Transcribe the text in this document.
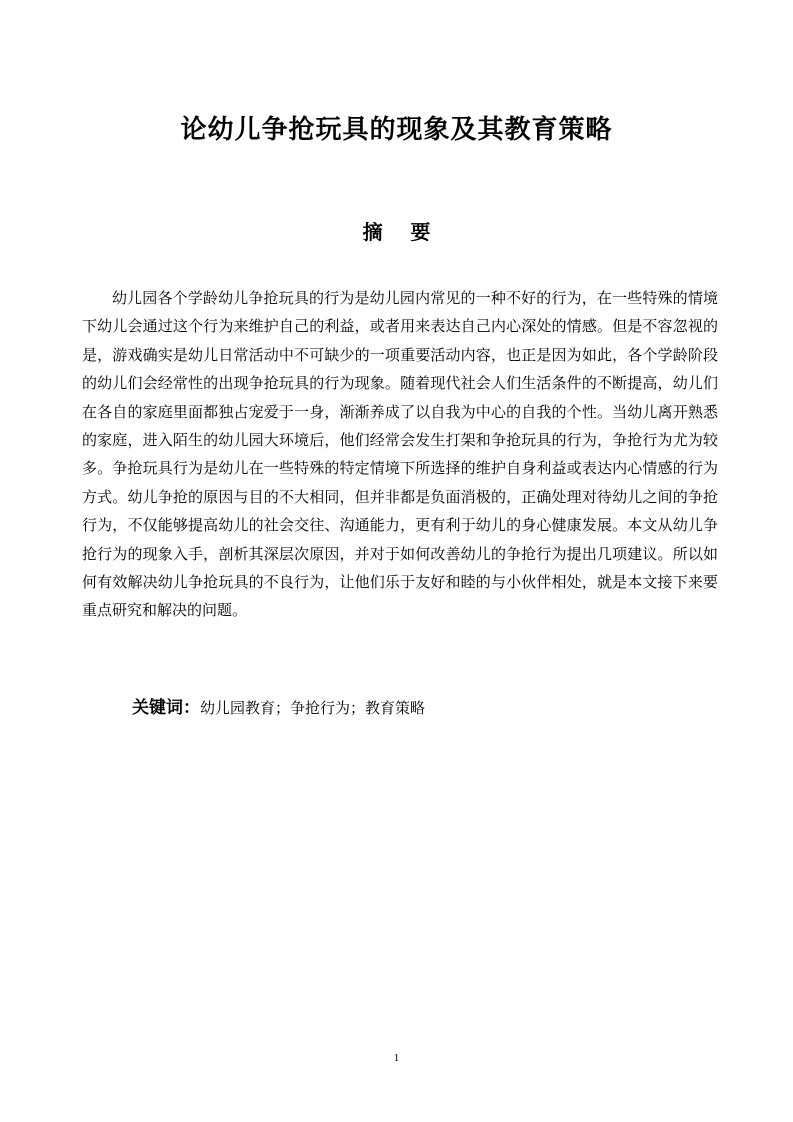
论幼儿争抢玩具的现象及其教育策略
摘    要

幼儿园各个学龄幼儿争抢玩具的行为是幼儿园内常见的一种不好的行为，在一些特殊的情境下幼儿会通过这个行为来维护自己的利益，或者用来表达自己内心深处的情感。但是不容忽视的是，游戏确实是幼儿日常活动中不可缺少的一项重要活动内容，也正是因为如此，各个学龄阶段的幼儿们会经常性的出现争抢玩具的行为现象。随着现代社会人们生活条件的不断提高，幼儿们在各自的家庭里面都独占宠爱于一身，渐渐养成了以自我为中心的自我的个性。当幼儿离开熟悉的家庭，进入陌生的幼儿园大环境后，他们经常会发生打架和争抢玩具的行为，争抢行为尤为较多。争抢玩具行为是幼儿在一些特殊的特定情境下所选择的维护自身利益或表达内心情感的行为方式。幼儿争抢的原因与目的不大相同，但并非都是负面消极的，正确处理对待幼儿之间的争抢行为，不仅能够提高幼儿的社会交往、沟通能力，更有利于幼儿的身心健康发展。本文从幼儿争抢行为的现象入手，剖析其深层次原因，并对于如何改善幼儿的争抢行为提出几项建议。所以如何有效解决幼儿争抢玩具的不良行为，让他们乐于友好和睦的与小伙伴相处，就是本文接下来要重点研究和解决的问题。

关键词：幼儿园教育；争抢行为；教育策略

1
